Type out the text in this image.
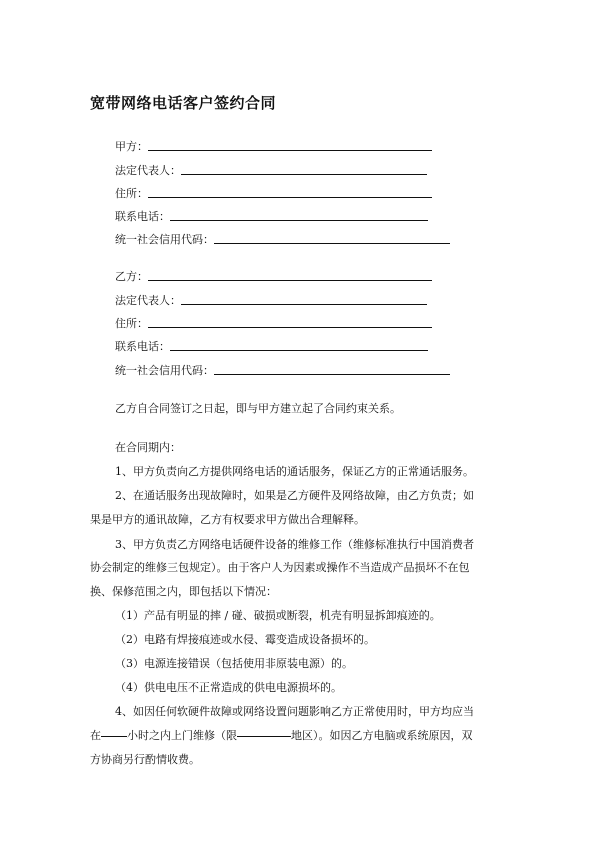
宽带网络电话客户签约合同
甲方：
法定代表人：
住所：
联系电话：
统一社会信用代码：
乙方：
法定代表人：
住所：
联系电话：
统一社会信用代码：
乙方自合同签订之日起，即与甲方建立起了合同约束关系。
在合同期内：
1、甲方负责向乙方提供网络电话的通话服务，保证乙方的正常通话服务。
2、在通话服务出现故障时，如果是乙方硬件及网络故障，由乙方负责；如
果是甲方的通讯故障，乙方有权要求甲方做出合理解释。
3、甲方负责乙方网络电话硬件设备的维修工作（维修标准执行中国消费者
协会制定的维修三包规定）。由于客户人为因素或操作不当造成产品损坏不在包
换、保修范围之内，即包括以下情况：
（1）产品有明显的摔 / 碰、破损或断裂，机壳有明显拆卸痕迹的。
（2）电路有焊接痕迹或水侵、霉变造成设备损坏的。
（3）电源连接错误（包括使用非原装电源）的。
（4）供电电压不正常造成的供电电源损坏的。
4、如因任何软硬件故障或网络设置问题影响乙方正常使用时，甲方均应当
在 小时之内上门维修（限	地区）。如因乙方电脑或系统原因，双
方协商另行酌情收费。
